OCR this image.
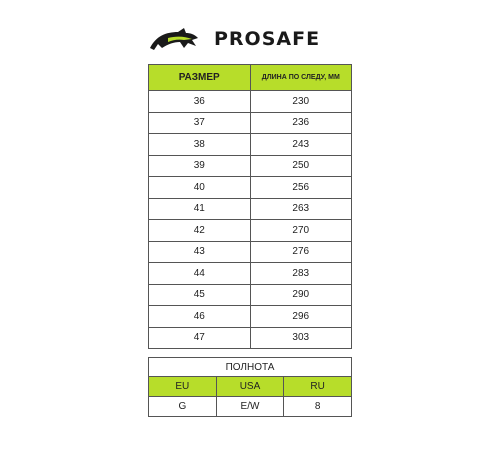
PROSAFE
РАЗМЕР	ДЛИНА ПО СЛЕДУ, ММ
36	230
37	236
38	243
39	250
40	256
41	263
42	270
43	276
44	283
45	290
46	296
47	303
ПОЛНОТА		
EU	USA	RU
G	E/W	8
